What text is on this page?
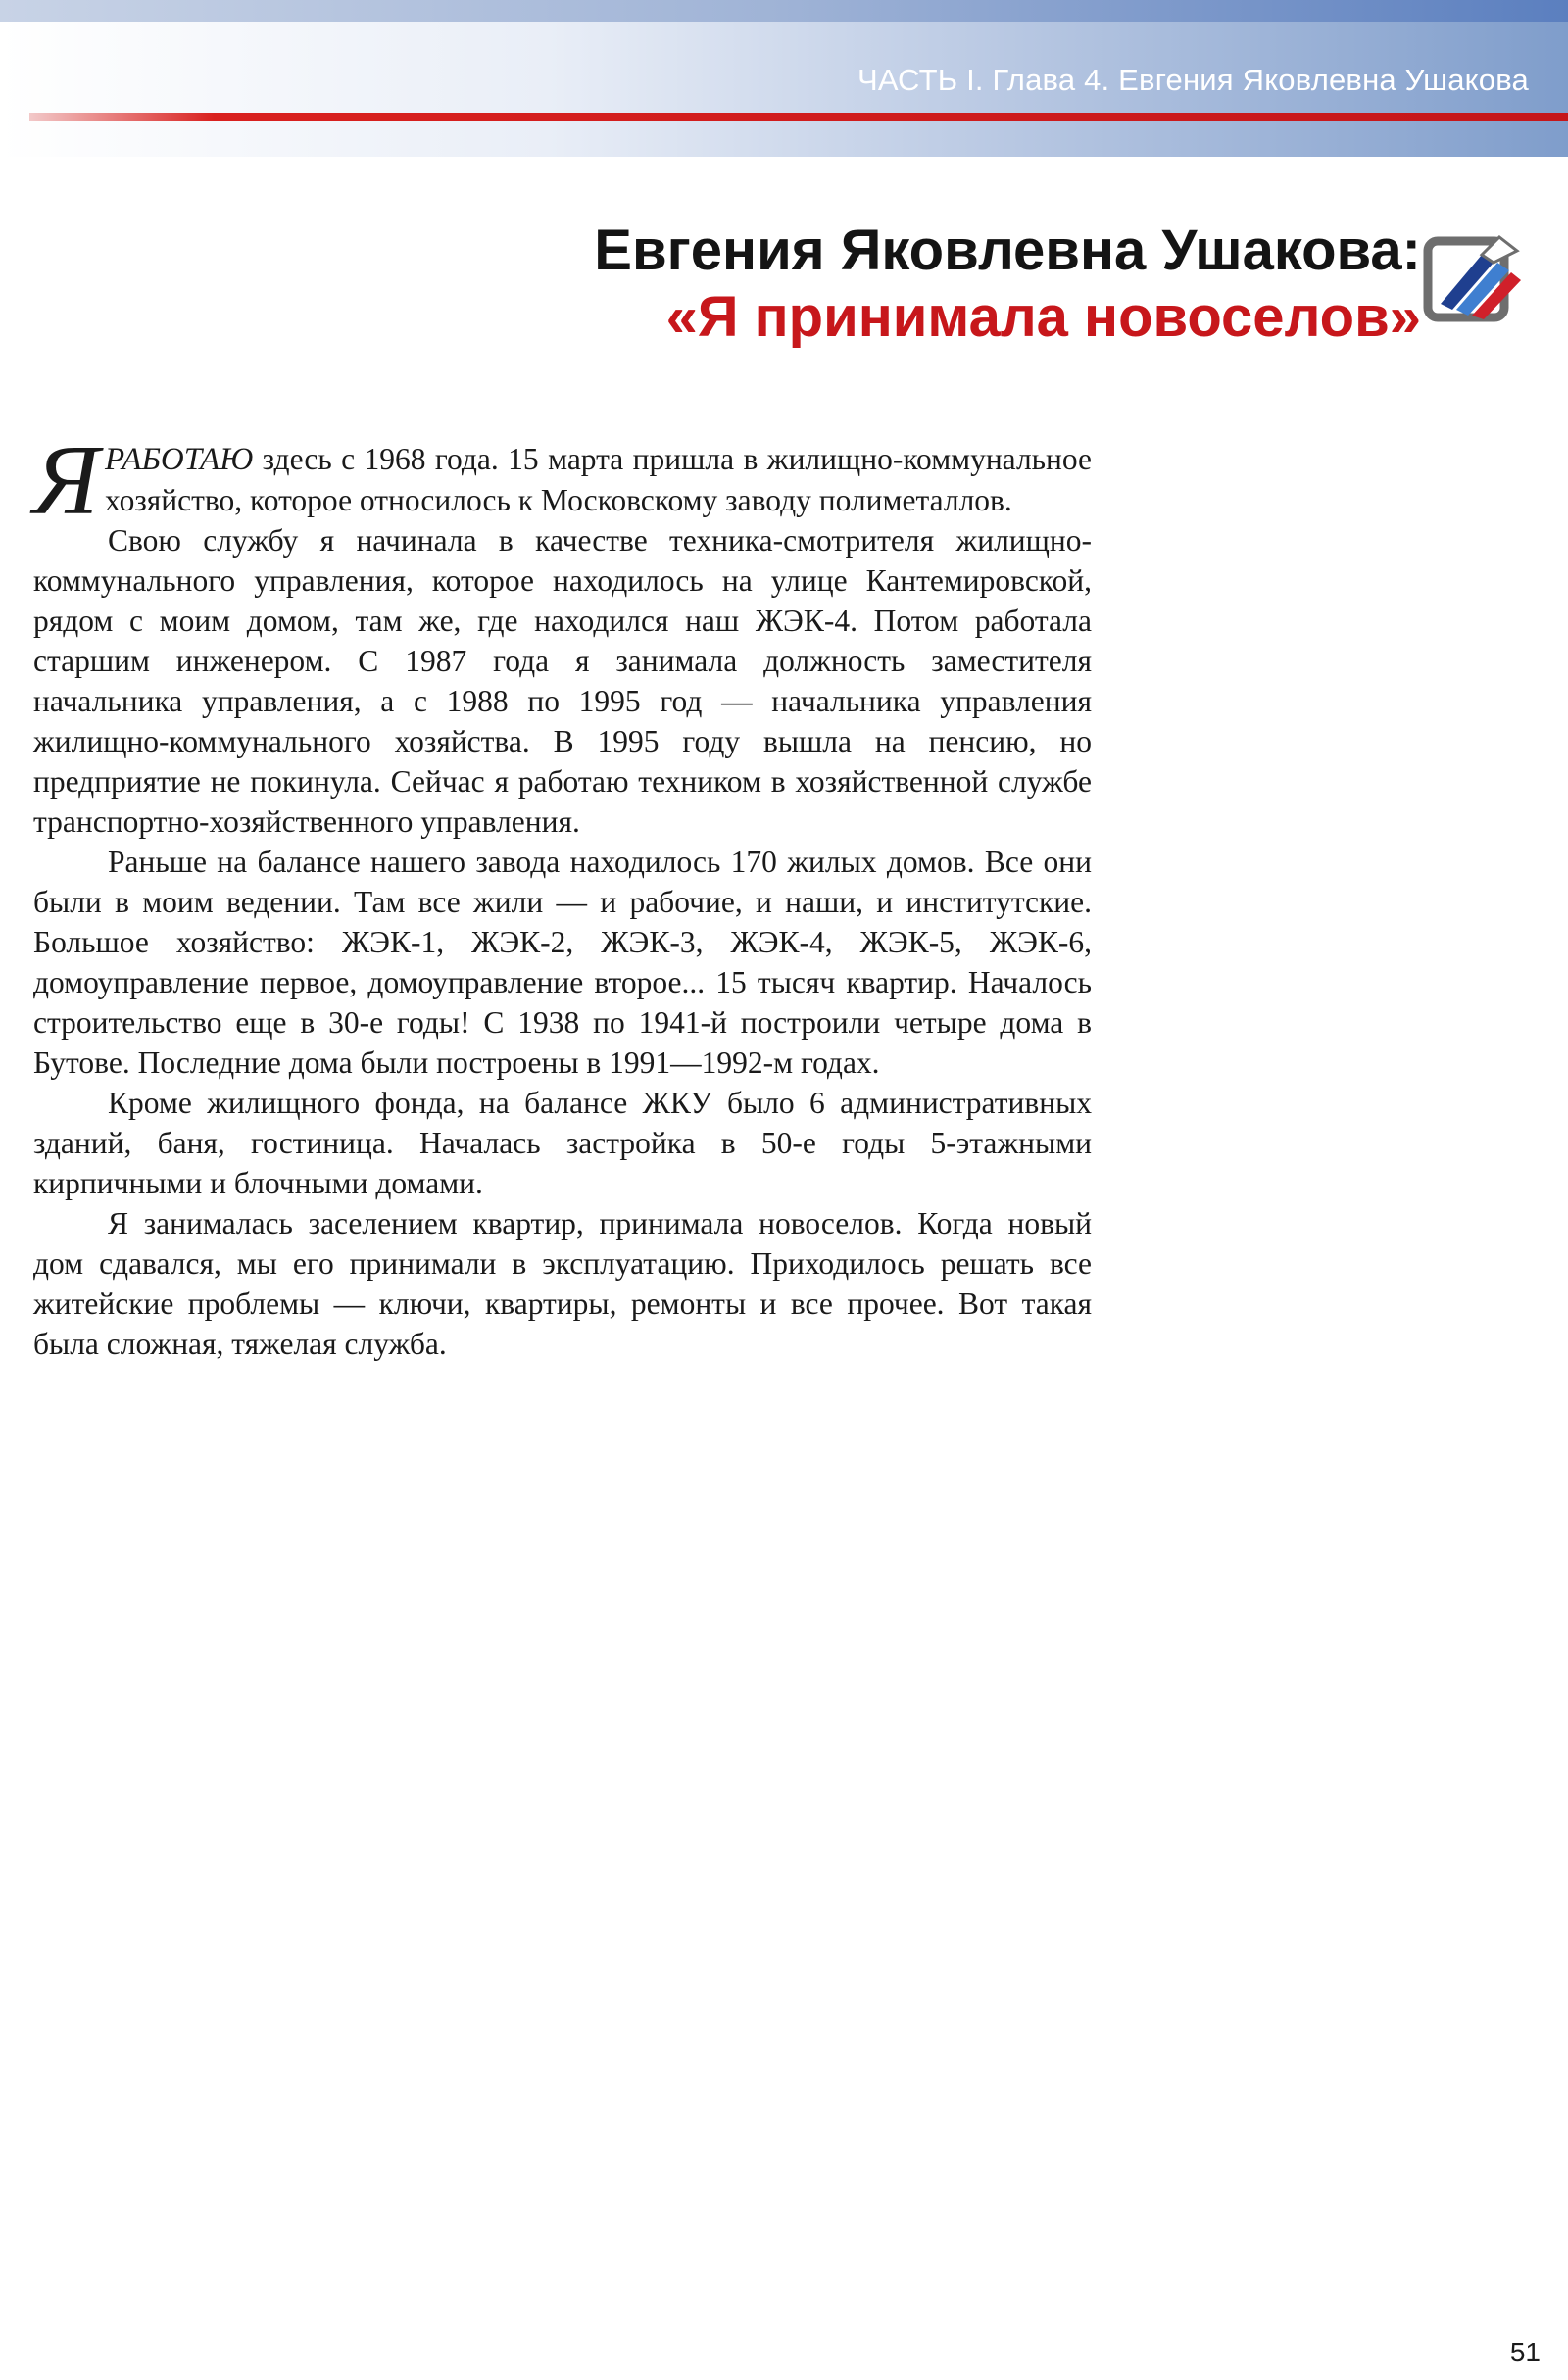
ЧАСТЬ I. Глава 4. Евгения Яковлевна Ушакова
Евгения Яковлевна Ушакова:
«Я принимала новоселов»

ЯРАБОТАЮ здесь с 1968 года. 15 марта пришла в жилищно-коммунальное хозяйство, которое относилось к Московскому заводу полиметаллов.

Свою службу я начинала в качестве техника-смотрителя жилищно-коммунального управления, которое находилось на улице Кантемировской, рядом с моим домом, там же, где находился наш ЖЭК-4. Потом работала старшим инженером. С 1987 года я занимала должность заместителя начальника управления, а с 1988 по 1995 год — начальника управления жилищно-коммунального хозяйства. В 1995 году вышла на пенсию, но предприятие не покинула. Сейчас я работаю техником в хозяйственной службе транспортно-хозяйственного управления.

Раньше на балансе нашего завода находилось 170 жилых домов. Все они были в моим ведении. Там все жили — и рабочие, и наши, и институтские. Большое хозяйство: ЖЭК-1, ЖЭК-2, ЖЭК-3, ЖЭК-4, ЖЭК-5, ЖЭК-6, домоуправление первое, домоуправление второе... 15 тысяч квартир. Началось строительство еще в 30-е годы! С 1938 по 1941-й построили четыре дома в Бутове. Последние дома были построены в 1991—1992-м годах.

Кроме жилищного фонда, на балансе ЖКУ было 6 административных зданий, баня, гостиница. Началась застройка в 50-е годы 5-этажными кирпичными и блочными домами.

Я занималась заселением квартир, принимала новоселов. Когда новый дом сдавался, мы его принимали в эксплуатацию. Приходилось решать все житейские проблемы — ключи, квартиры, ремонты и все прочее. Вот такая была сложная, тяжелая служба.

51
